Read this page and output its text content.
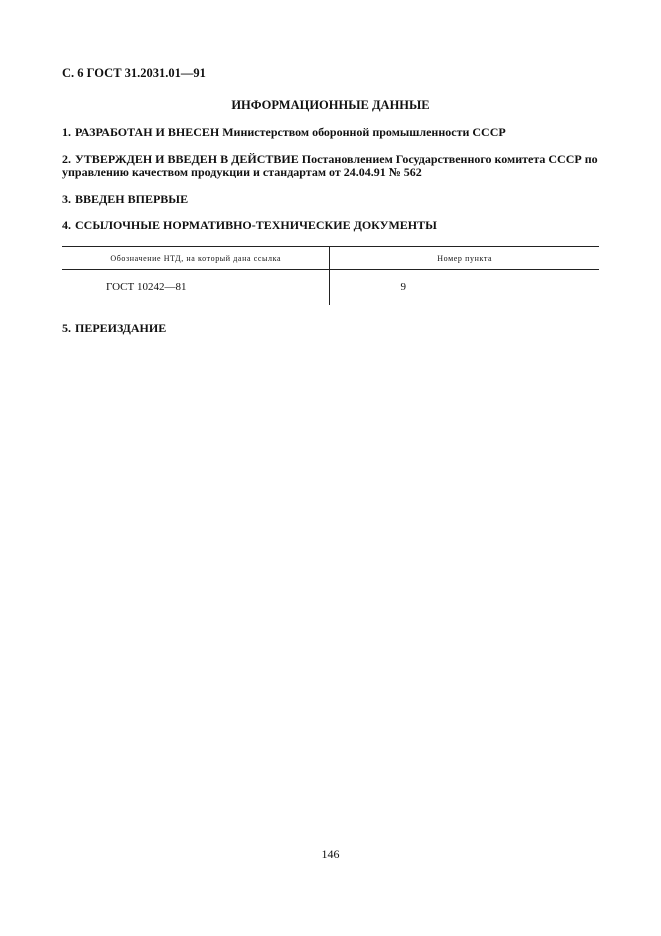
С. 6 ГОСТ 31.2031.01—91
ИНФОРМАЦИОННЫЕ ДАННЫЕ
1. РАЗРАБОТАН И ВНЕСЕН Министерством оборонной промышленности СССР
2. УТВЕРЖДЕН И ВВЕДЕН В ДЕЙСТВИЕ Постановлением Государственного комитета СССР по управлению качеством продукции и стандартам от 24.04.91 № 562
3. ВВЕДЕН ВПЕРВЫЕ
4. ССЫЛОЧНЫЕ НОРМАТИВНО-ТЕХНИЧЕСКИЕ ДОКУМЕНТЫ
Обозначение НТД, на который дана ссылка	Номер пункта

ГОСТ 10242—81	9
5. ПЕРЕИЗДАНИЕ
146
